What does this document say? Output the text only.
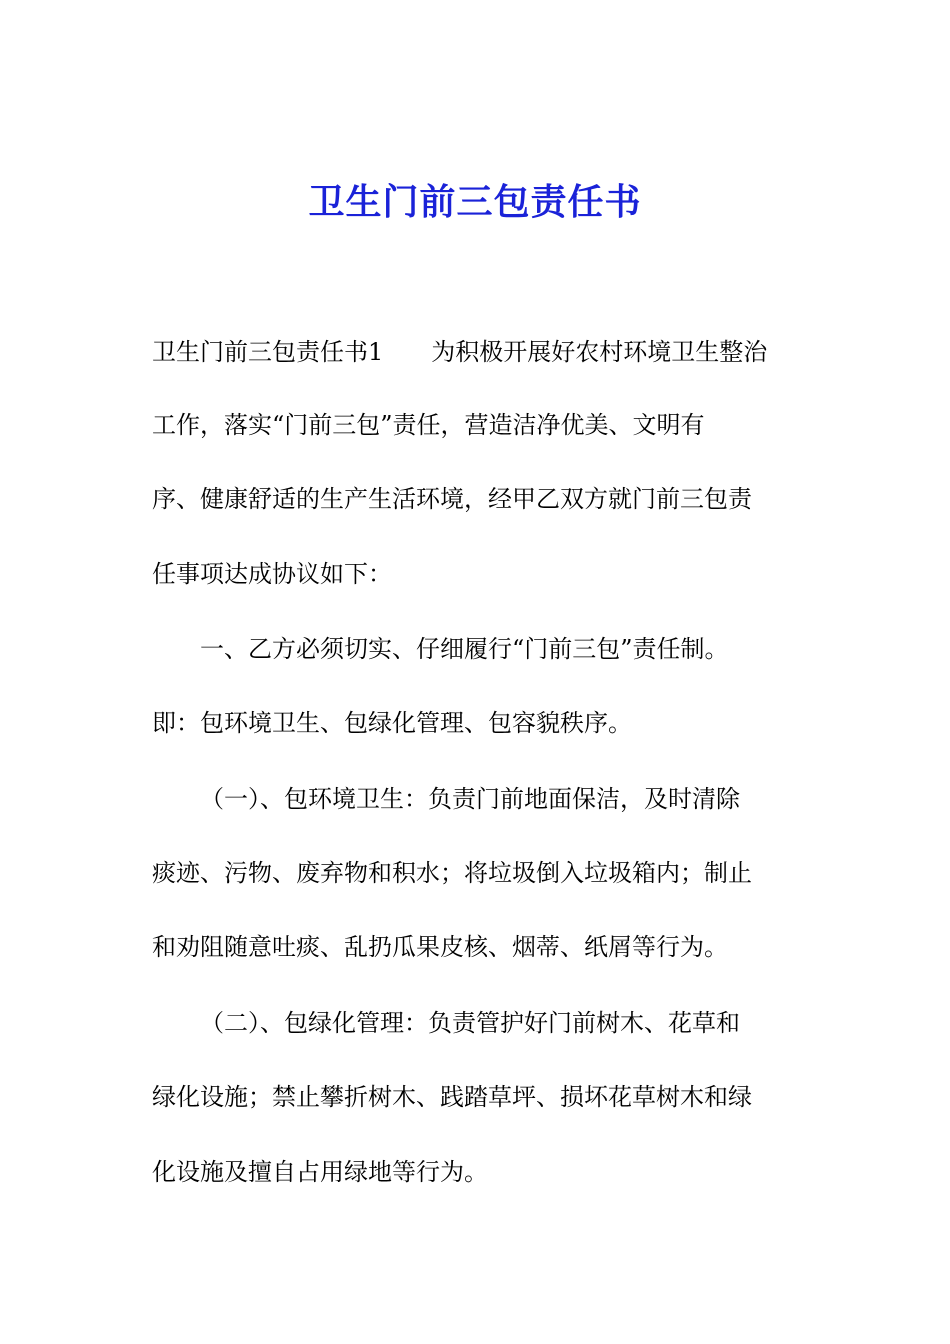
卫生门前三包责任书
卫生门前三包责任书1 为积极开展好农村环境卫生整治
工作，落实“门前三包”责任，营造洁净优美、文明有
序、健康舒适的生产生活环境，经甲乙双方就门前三包责
任事项达成协议如下：
一、乙方必须切实、仔细履行“门前三包”责任制。
即：包环境卫生、包绿化管理、包容貌秩序。
（一）、包环境卫生：负责门前地面保洁，及时清除
痰迹、污物、废弃物和积水；将垃圾倒入垃圾箱内；制止
和劝阻随意吐痰、乱扔瓜果皮核、烟蒂、纸屑等行为。
（二）、包绿化管理：负责管护好门前树木、花草和
绿化设施；禁止攀折树木、践踏草坪、损坏花草树木和绿
化设施及擅自占用绿地等行为。
